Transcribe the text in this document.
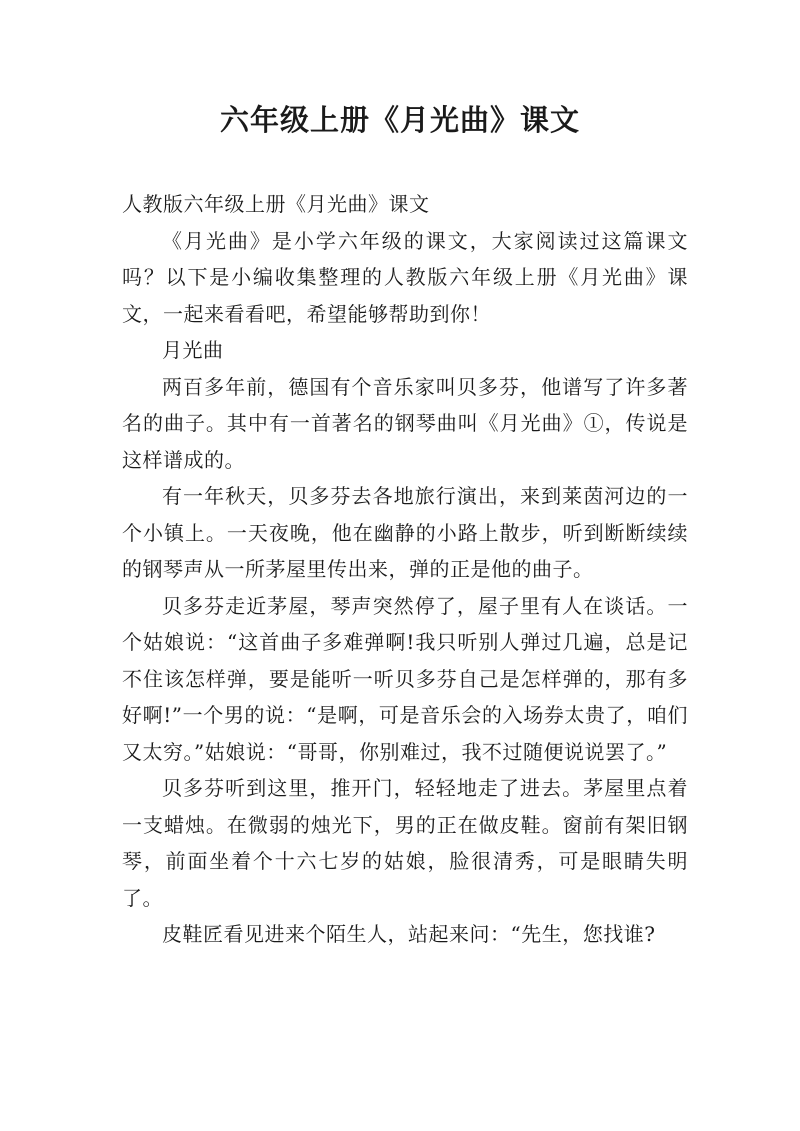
六年级上册《月光曲》课文

人教版六年级上册《月光曲》课文

《月光曲》是小学六年级的课文，大家阅读过这篇课文吗？以下是小编收集整理的人教版六年级上册《月光曲》课文，一起来看看吧，希望能够帮助到你！

月光曲

两百多年前，德国有个音乐家叫贝多芬，他谱写了许多著名的曲子。其中有一首著名的钢琴曲叫《月光曲》①，传说是这样谱成的。

有一年秋天，贝多芬去各地旅行演出，来到莱茵河边的一个小镇上。一天夜晚，他在幽静的小路上散步，听到断断续续的钢琴声从一所茅屋里传出来，弹的正是他的曲子。

贝多芬走近茅屋，琴声突然停了，屋子里有人在谈话。一个姑娘说：“这首曲子多难弹啊!我只听别人弹过几遍，总是记不住该怎样弹，要是能听一听贝多芬自己是怎样弹的，那有多好啊!”一个男的说：“是啊，可是音乐会的入场券太贵了，咱们又太穷。”姑娘说：“哥哥，你别难过，我不过随便说说罢了。”

贝多芬听到这里，推开门，轻轻地走了进去。茅屋里点着一支蜡烛。在微弱的烛光下，男的正在做皮鞋。窗前有架旧钢琴，前面坐着个十六七岁的姑娘，脸很清秀，可是眼睛失明了。

皮鞋匠看见进来个陌生人，站起来问：“先生，您找谁?
